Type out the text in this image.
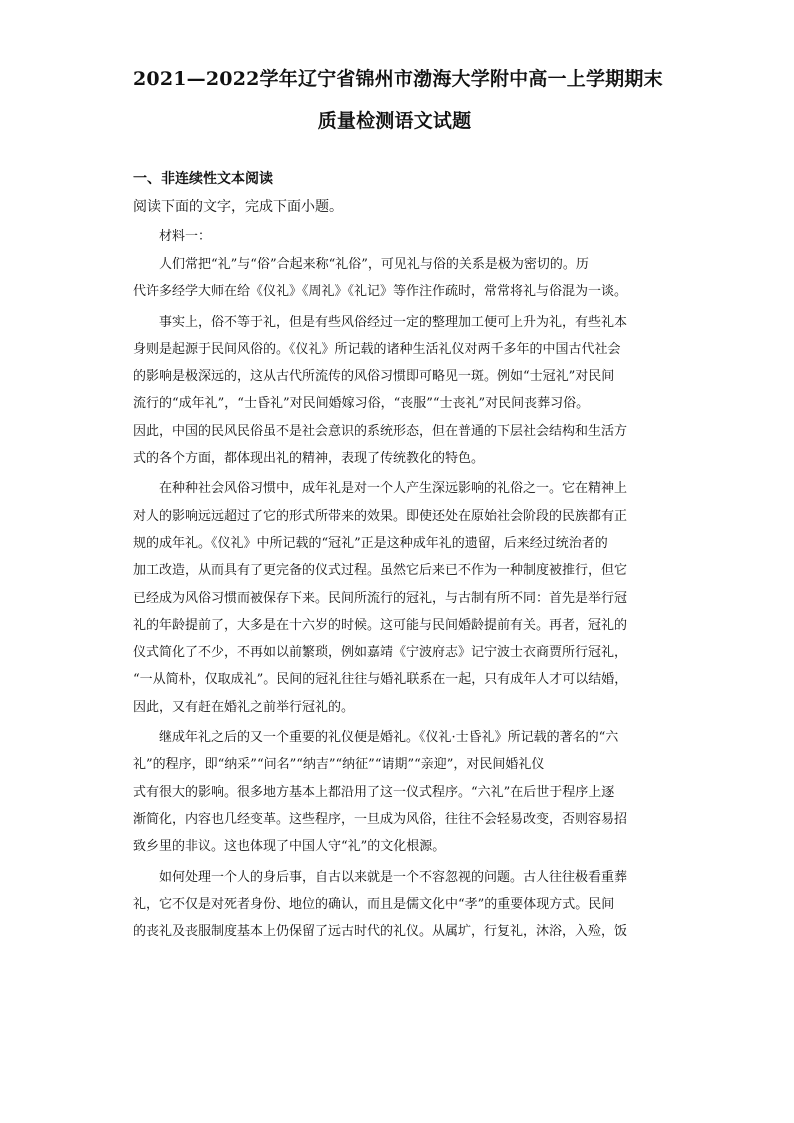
2021—2022学年辽宁省锦州市渤海大学附中高一上学期期末
质量检测语文试题
一、非连续性文本阅读
阅读下面的文字，完成下面小题。
材料一：
人们常把“礼”与“俗”合起来称“礼俗”，可见礼与俗的关系是极为密切的。历
代许多经学大师在给《仪礼》《周礼》《礼记》等作注作疏时，常常将礼与俗混为一谈。
事实上，俗不等于礼，但是有些风俗经过一定的整理加工便可上升为礼，有些礼本
身则是起源于民间风俗的。《仪礼》所记载的诸种生活礼仪对两千多年的中国古代社会
的影响是极深远的，这从古代所流传的风俗习惯即可略见一斑。例如“士冠礼”对民间
流行的“成年礼”，“士昏礼”对民间婚嫁习俗，“丧服”“士丧礼”对民间丧葬习俗。
因此，中国的民风民俗虽不是社会意识的系统形态，但在普通的下层社会结构和生活方
式的各个方面，都体现出礼的精神，表现了传统教化的特色。
在种种社会风俗习惯中，成年礼是对一个人产生深远影响的礼俗之一。它在精神上
对人的影响远远超过了它的形式所带来的效果。即使还处在原始社会阶段的民族都有正
规的成年礼。《仪礼》中所记载的“冠礼”正是这种成年礼的遗留，后来经过统治者的
加工改造，从而具有了更完备的仪式过程。虽然它后来已不作为一种制度被推行，但它
已经成为风俗习惯而被保存下来。民间所流行的冠礼，与古制有所不同：首先是举行冠
礼的年龄提前了，大多是在十六岁的时候。这可能与民间婚龄提前有关。再者，冠礼的
仪式简化了不少，不再如以前繁琐，例如嘉靖《宁波府志》记宁波士衣商贾所行冠礼，
“一从简朴，仅取成礼”。民间的冠礼往往与婚礼联系在一起，只有成年人才可以结婚，
因此，又有赶在婚礼之前举行冠礼的。
继成年礼之后的又一个重要的礼仪便是婚礼。《仪礼·士昏礼》所记载的著名的“六
礼”的程序，即“纳采”“问名”“纳吉”“纳征”“请期”“亲迎”，对民间婚礼仪
式有很大的影响。很多地方基本上都沿用了这一仪式程序。“六礼”在后世于程序上逐
渐简化，内容也几经变革。这些程序，一旦成为风俗，往往不会轻易改变，否则容易招
致乡里的非议。这也体现了中国人守“礼”的文化根源。
如何处理一个人的身后事，自古以来就是一个不容忽视的问题。古人往往极看重葬
礼，它不仅是对死者身份、地位的确认，而且是儒文化中“孝”的重要体现方式。民间
的丧礼及丧服制度基本上仍保留了远古时代的礼仪。从属圹，行复礼，沐浴，入殓，饭
